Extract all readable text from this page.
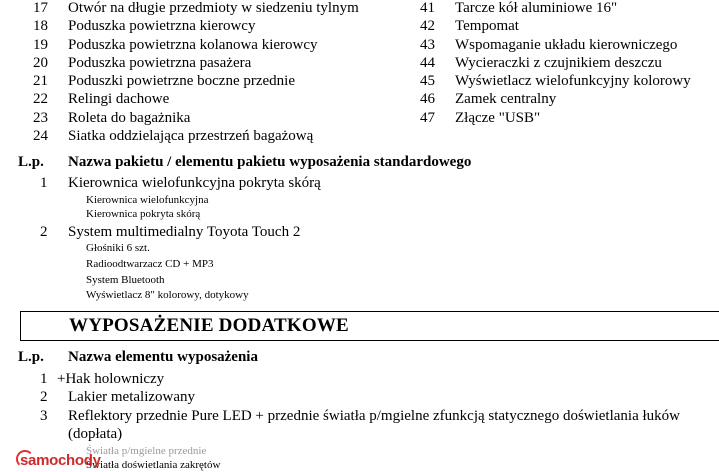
17 Otwór na długie przedmioty w siedzeniu tylnym
18 Poduszka powietrzna kierowcy
19 Poduszka powietrzna kolanowa kierowcy
20 Poduszka powietrzna pasażera
21 Poduszki powietrzne boczne przednie
22 Relingi dachowe
23 Roleta do bagażnika
24 Siatka oddzielająca przestrzeń bagażową
41 Tarcze kół aluminiowe 16"
42 Tempomat
43 Wspomaganie układu kierowniczego
44 Wycieraczki z czujnikiem deszczu
45 Wyświetlacz wielofunkcyjny kolorowy
46 Zamek centralny
47 Złącze "USB"
L.p. Nazwa pakietu / elementu pakietu wyposażenia standardowego
1 Kierownica wielofunkcyjna pokryta skórą
Kierownica wielofunkcyjna
Kierownica pokryta skórą
2 System multimedialny Toyota Touch 2
Głośniki 6 szt.
Radioodtwarzacz CD + MP3
System Bluetooth
Wyświetlacz 8" kolorowy, dotykowy
WYPOSAŻENIE DODATKOWE
L.p. Nazwa elementu wyposażenia
1 +Hak holowniczy
2 Lakier metalizowany
3 Reflektory przednie Pure LED + przednie światła p/mgielne zfunkcją statycznego doświetlania łuków (dopłata)
Światła p/mgielne przednie
Światła doświetlania zakrętów
samochody
